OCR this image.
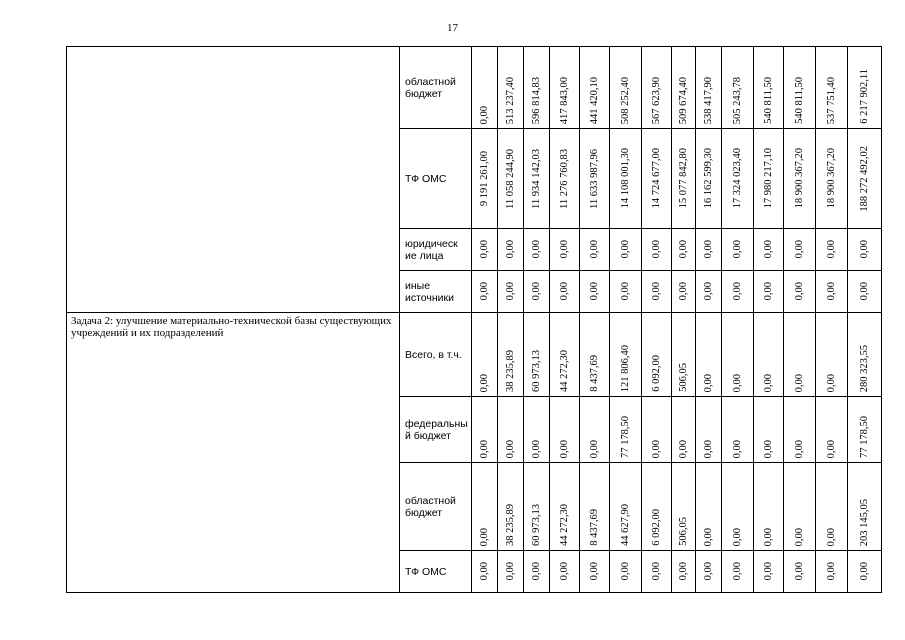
17
	областной бюджет	0,00	513 237,40	596 814,83	417 843,00	441 420,10	508 252,40	567 623,90	509 674,40	538 417,90	505 243,78	540 811,50	540 811,50	537 751,40	6 217 902,11

	ТФ ОМС	9 191 261,00	11 058 244,90	11 934 142,03	11 276 760,83	11 633 987,96	14 108 001,30	14 724 677,00	15 077 842,80	16 162 599,30	17 324 023,40	17 980 217,10	18 900 367,20	18 900 367,20	188 272 492,02

	юридическ ие лица	0,00	0,00	0,00	0,00	0,00	0,00	0,00	0,00	0,00	0,00	0,00	0,00	0,00	0,00

	иные источники	0,00	0,00	0,00	0,00	0,00	0,00	0,00	0,00	0,00	0,00	0,00	0,00	0,00	0,00

Задача 2: улучшение материально-технической базы существующих учреждений и их подразделений	Всего, в т.ч.	0,00	38 235,89	60 973,13	44 272,30	8 437,69	121 806,40	6 092,00	506,05	0,00	0,00	0,00	0,00	0,00	280 323,55

	федеральны й бюджет	0,00	0,00	0,00	0,00	0,00	77 178,50	0,00	0,00	0,00	0,00	0,00	0,00	0,00	77 178,50

	областной бюджет	0,00	38 235,89	60 973,13	44 272,30	8 437,69	44 627,90	6 092,00	506,05	0,00	0,00	0,00	0,00	0,00	203 145,05

	ТФ ОМС	0,00	0,00	0,00	0,00	0,00	0,00	0,00	0,00	0,00	0,00	0,00	0,00	0,00	0,00
